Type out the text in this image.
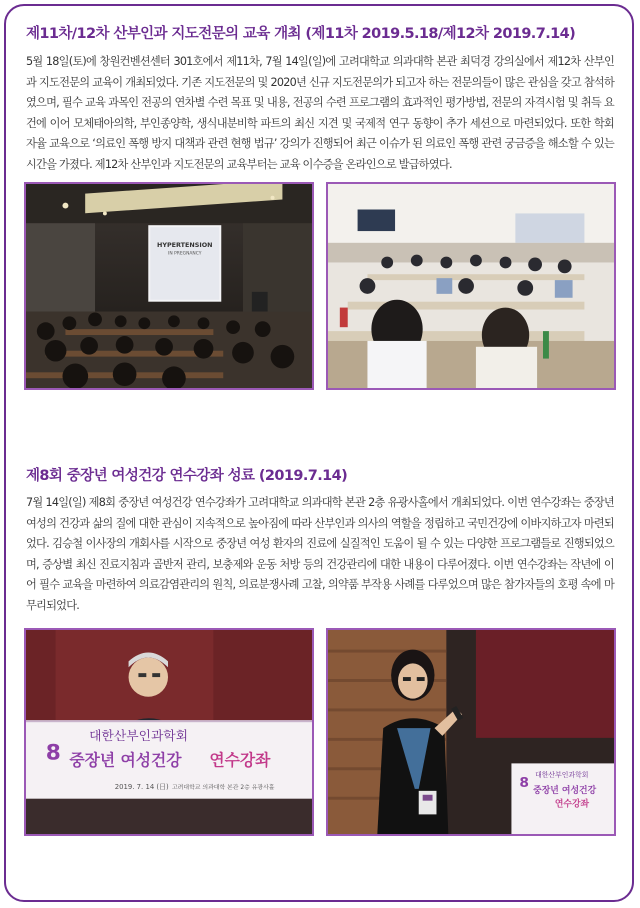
제11차/12차 산부인과 지도전문의 교육 개최 (제11차 2019.5.18/제12차 2019.7.14)

5월 18일(토)에 창원컨벤션센터 301호에서 제11차, 7월 14일(일)에 고려대학교 의과대학 본관 최덕경 강의실에서 제12차 산부인과 지도전문의 교육이 개최되었다. 기존 지도전문의 및 2020년 신규 지도전문의가 되고자 하는 전문의들이 많은 관심을 갖고 참석하였으며, 필수 교육 과목인 전공의 연차별 수련 목표 및 내용, 전공의 수련 프로그램의 효과적인 평가방법, 전문의 자격시험 및 취득 요건에 이어 모체태아의학, 부인종양학, 생식내분비학 파트의 최신 지견 및 국제적 연구 동향이 추가 세션으로 마련되었다. 또한 학회 자율 교육으로 ‘의료인 폭행 방지 대책과 관련 현행 법규’ 강의가 진행되어 최근 이슈가 된 의료인 폭행 관련 궁금증을 해소할 수 있는 시간을 가졌다. 제12차 산부인과 지도전문의 교육부터는 교육 이수증을 온라인으로 발급하였다.

HYPERTENSION
IN PREGNANCY
제8회 중장년 여성건강 연수강좌 성료 (2019.7.14)

7월 14일(일) 제8회 중장년 여성건강 연수강좌가 고려대학교 의과대학 본관 2층 유광사홀에서 개최되었다. 이번 연수강좌는 중장년 여성의 건강과 삶의 질에 대한 관심이 지속적으로 높아짐에 따라 산부인과 의사의 역할을 정립하고 국민건강에 이바지하고자 마련되었다. 김승철 이사장의 개회사를 시작으로 중장년 여성 환자의 진료에 실질적인 도움이 될 수 있는 다양한 프로그램들로 진행되었으며, 증상별 최신 진료지침과 골반저 관리, 보충제와 운동 처방 등의 건강관리에 대한 내용이 다루어졌다. 이번 연수강좌는 작년에 이어 필수 교육을 마련하여 의료감염관리의 원칙, 의료분쟁사례 고찰, 의약품 부작용 사례를 다루었으며 많은 참가자들의 호평 속에 마무리되었다.

8
대한산부인과학회
중장년 여성건강 연수강좌
2019. 7. 14 (日) 고려대학교 의과대학 본관 2층 유광사홀	8 대한산부인과학회
중장년 여성건강
연수강좌
